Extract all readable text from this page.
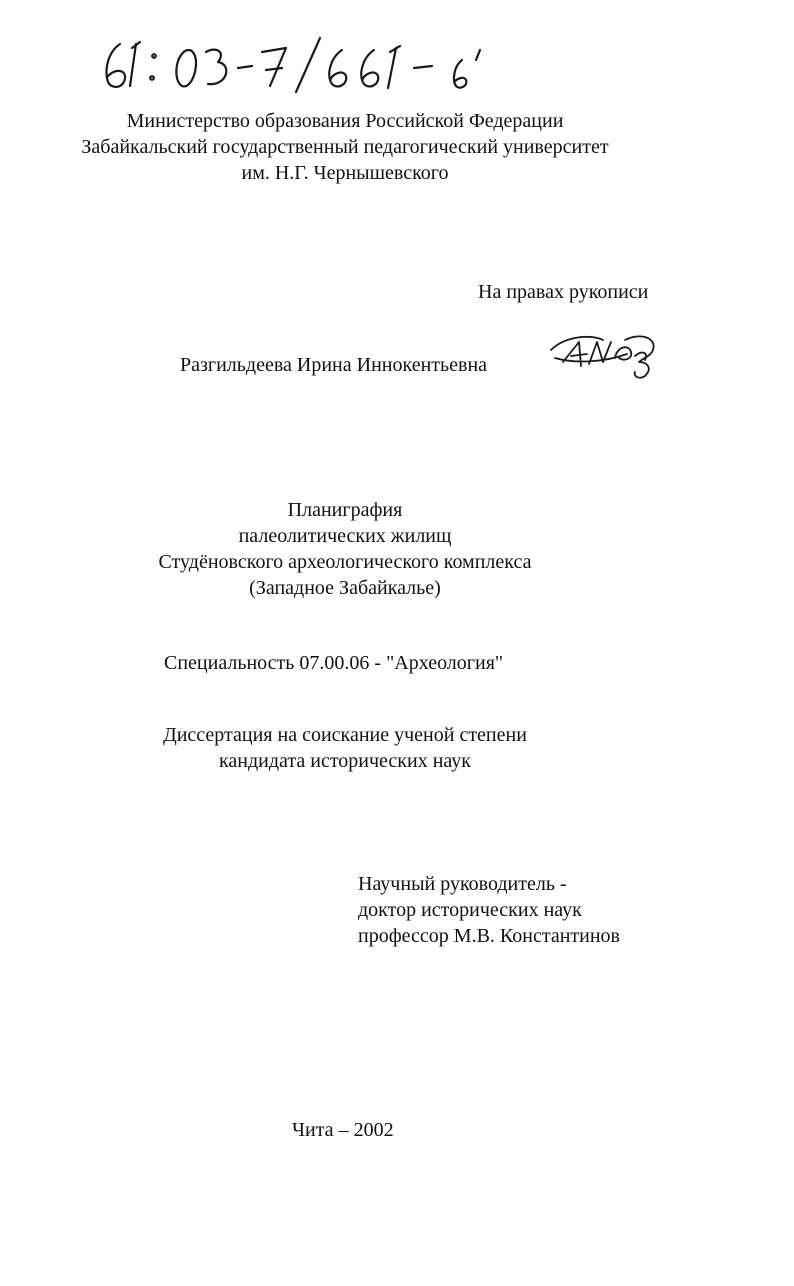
Министерство образования Российской Федерации
Забайкальский государственный педагогический университет
им. Н.Г. Чернышевского
На правах рукописи
Разгильдеева Ирина Иннокентьевна
Планиграфия
палеолитических жилищ
Студёновского археологического комплекса
(Западное Забайкалье)
Специальность 07.00.06 - "Археология"
Диссертация на соискание ученой степени
кандидата исторических наук
Научный руководитель -
доктор исторических наук
профессор М.В. Константинов
Чита – 2002
